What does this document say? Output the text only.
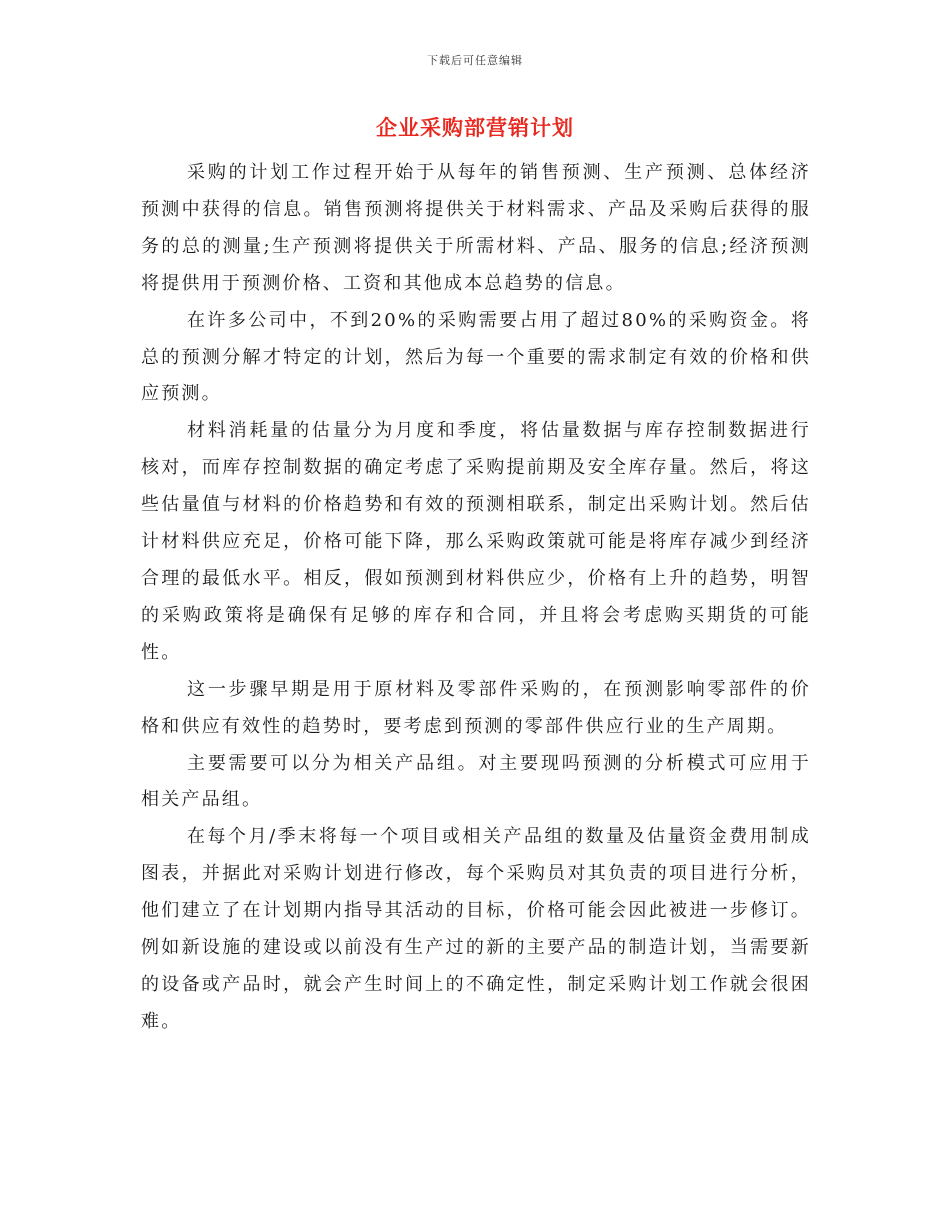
下载后可任意编辑
企业采购部营销计划

采购的计划工作过程开始于从每年的销售预测、生产预测、总体经济预测中获得的信息。销售预测将提供关于材料需求、产品及采购后获得的服务的总的测量;生产预测将提供关于所需材料、产品、服务的信息;经济预测将提供用于预测价格、工资和其他成本总趋势的信息。

在许多公司中，不到20%的采购需要占用了超过80%的采购资金。将总的预测分解才特定的计划，然后为每一个重要的需求制定有效的价格和供应预测。

材料消耗量的估量分为月度和季度，将估量数据与库存控制数据进行核对，而库存控制数据的确定考虑了采购提前期及安全库存量。然后，将这些估量值与材料的价格趋势和有效的预测相联系，制定出采购计划。然后估计材料供应充足，价格可能下降，那么采购政策就可能是将库存减少到经济合理的最低水平。相反，假如预测到材料供应少，价格有上升的趋势，明智的采购政策将是确保有足够的库存和合同，并且将会考虑购买期货的可能性。

这一步骤早期是用于原材料及零部件采购的，在预测影响零部件的价格和供应有效性的趋势时，要考虑到预测的零部件供应行业的生产周期。

主要需要可以分为相关产品组。对主要现吗预测的分析模式可应用于相关产品组。

在每个月/季末将每一个项目或相关产品组的数量及估量资金费用制成图表，并据此对采购计划进行修改，每个采购员对其负责的项目进行分析，他们建立了在计划期内指导其活动的目标，价格可能会因此被进一步修订。例如新设施的建设或以前没有生产过的新的主要产品的制造计划，当需要新的设备或产品时，就会产生时间上的不确定性，制定采购计划工作就会很困难。
